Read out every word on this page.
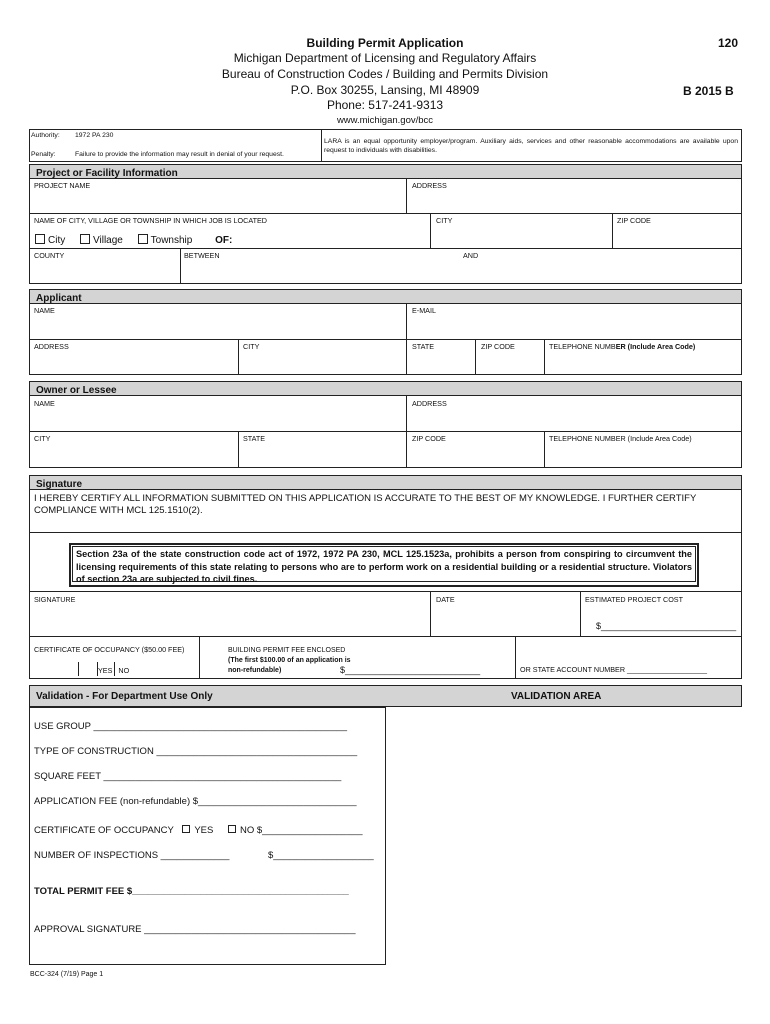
Building Permit Application
Michigan Department of Licensing and Regulatory Affairs
Bureau of Construction Codes / Building and Permits Division
P.O. Box 30255, Lansing, MI 48909
Phone: 517-241-9313
www.michigan.gov/bcc
120
B 2015 B
Authority: 1972 PA 230
Penalty:	Failure to provide the information may result in denial of your request.
LARA is an equal opportunity employer/program. Auxiliary aids, services and other reasonable accommodations are available upon request to individuals with disabilities.
Project or Facility Information
PROJECT NAME	ADDRESS
NAME OF CITY, VILLAGE OR TOWNSHIP IN WHICH JOB IS LOCATED	CITY	ZIP CODE
City	Village	Township OF:
COUNTY	BETWEEN	AND
Applicant
NAME	E-MAIL
ADDRESS	CITY	STATE	ZIP CODE	TELEPHONE NUMBER (Include Area Code)
Owner or Lessee
NAME	ADDRESS
CITY	STATE	ZIP CODE	TELEPHONE NUMBER (Include Area Code)
Signature
I HEREBY CERTIFY ALL INFORMATION SUBMITTED ON THIS APPLICATION IS ACCURATE TO THE BEST OF MY KNOWLEDGE. I FURTHER CERTIFY COMPLIANCE WITH MCL 125.1510(2).
Section 23a of the state construction code act of 1972, 1972 PA 230, MCL 125.1523a, prohibits a person from conspiring to circumvent the licensing requirements of this state relating to persons who are to perform work on a residential building or a residential structure. Violators of section 23a are subjected to civil fines.
SIGNATURE	DATE	ESTIMATED PROJECT COST
$___________________________
CERTIFICATE OF OCCUPANCY ($50.00 FEE)
YES NO
BUILDING PERMIT FEE ENCLOSED
(The first $100.00 of an application is
non-refundable)	$___________________________	OR STATE ACCOUNT NUMBER ____________________
Validation - For Department Use Only	VALIDATION AREA
USE GROUP ________________________________________________
TYPE OF CONSTRUCTION ______________________________________
SQUARE FEET _____________________________________________
APPLICATION FEE (non-refundable) $______________________________
CERTIFICATE OF OCCUPANCY YES	NO $___________________
NUMBER OF INSPECTIONS _____________	$___________________
TOTAL PERMIT FEE $_________________________________________
APPROVAL SIGNATURE ________________________________________
BCC-324 (7/19) Page 1
